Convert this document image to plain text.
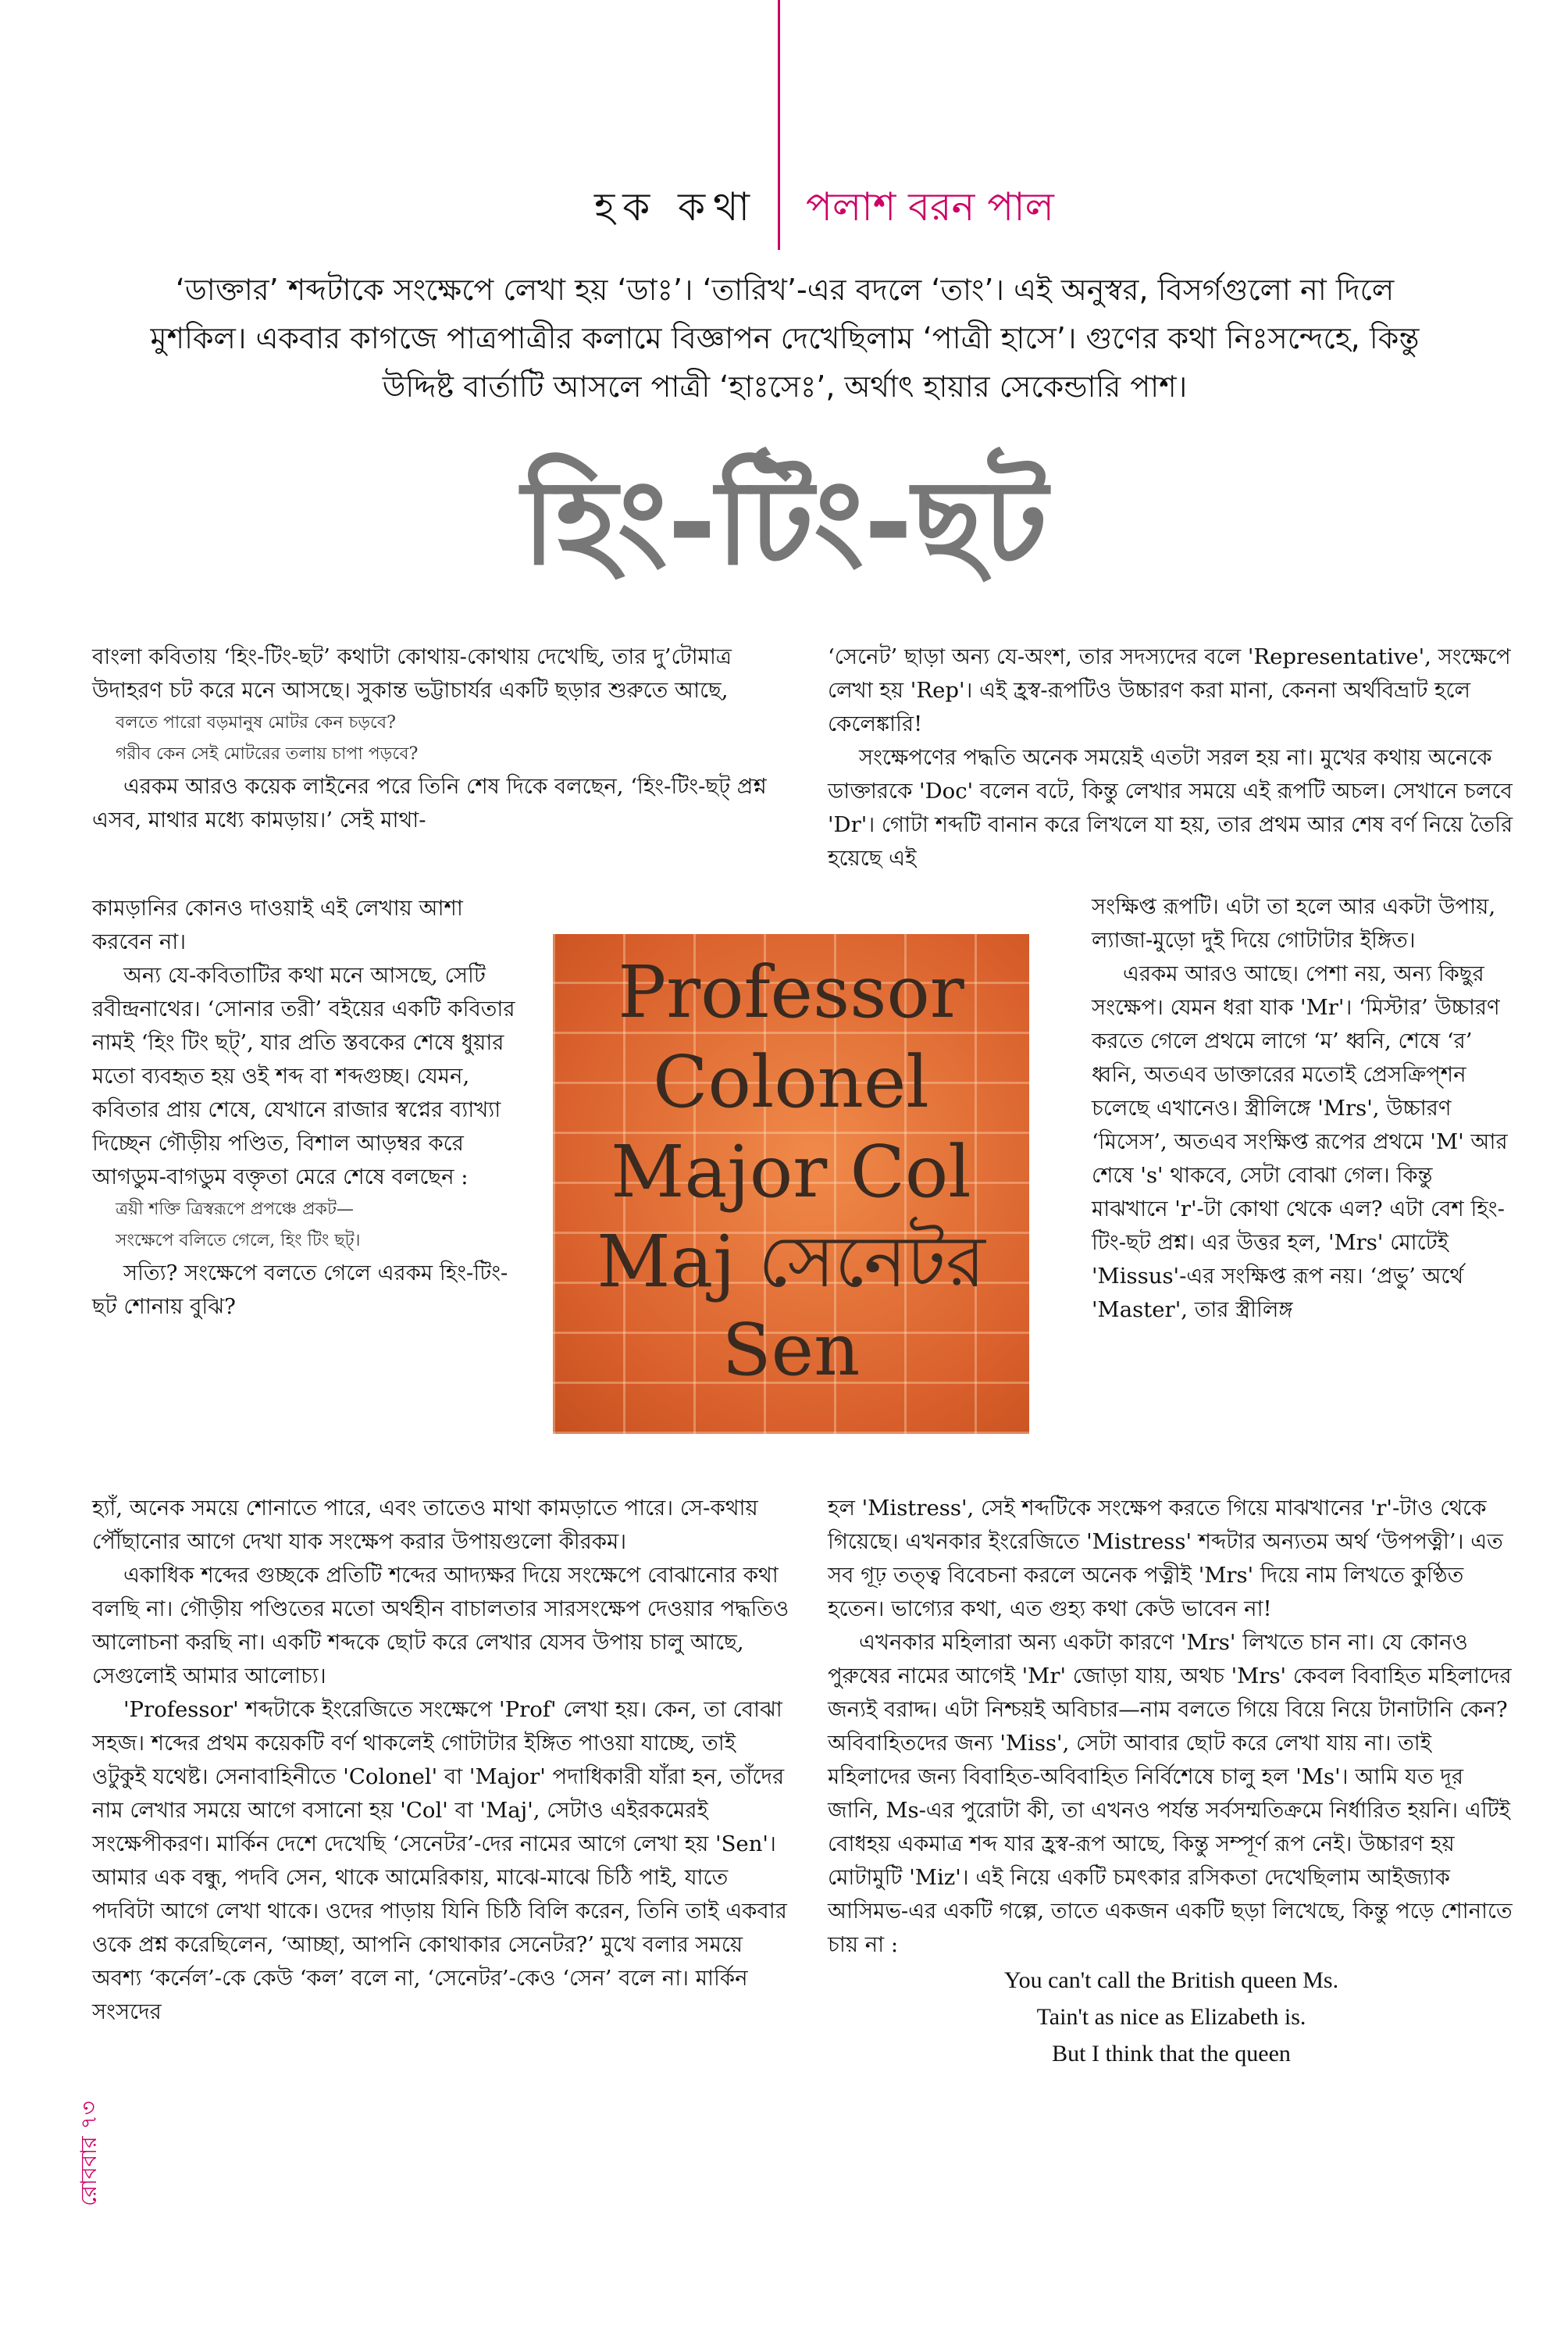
হক কথা পলাশ বরন পাল
‘ডাক্তার’ শব্দটাকে সংক্ষেপে লেখা হয় ‘ডাঃ’। ‘তারিখ’-এর বদলে ‘তাং’। এই অনুস্বর, বিসর্গগুলো না দিলে মুশকিল। একবার কাগজে পাত্রপাত্রীর কলামে বিজ্ঞাপন দেখেছিলাম ‘পাত্রী হাসে’। গুণের কথা নিঃসন্দেহে, কিন্তু উদ্দিষ্ট বার্তাটি আসলে পাত্রী ‘হাঃসেঃ’, অর্থাৎ হায়ার সেকেন্ডারি পাশ।
হিং-টিং-ছট

বাংলা কবিতায় ‘হিং-টিং-ছট’ কথাটা কোথায়-কোথায় দেখেছি, তার দু’টোমাত্র উদাহরণ চট করে মনে আসছে। সুকান্ত ভট্টাচার্যর একটি ছড়ার শুরুতে আছে,

বলতে পারো বড়মানুষ মোটর কেন চড়বে?

গরীব কেন সেই মোটরের তলায় চাপা পড়বে?

এরকম আরও কয়েক লাইনের পরে তিনি শেষ দিকে বলছেন, ‘হিং-টিং-ছট্ প্রশ্ন এসব, মাথার মধ্যে কামড়ায়।’ সেই মাথা-

কামড়ানির কোনও দাওয়াই এই লেখায় আশা করবেন না।

অন্য যে-কবিতাটির কথা মনে আসছে, সেটি রবীন্দ্রনাথের। ‘সোনার তরী’ বইয়ের একটি কবিতার নামই ‘হিং টিং ছট্’, যার প্রতি স্তবকের শেষে ধুয়ার মতো ব্যবহৃত হয় ওই শব্দ বা শব্দগুচ্ছ। যেমন, কবিতার প্রায় শেষে, যেখানে রাজার স্বপ্নের ব্যাখ্যা দিচ্ছেন গৌড়ীয় পণ্ডিত, বিশাল আড়ম্বর করে আগডুম-বাগডুম বক্তৃতা মেরে শেষে বলছেন :

ত্রয়ী শক্তি ত্রিস্বরূপে প্রপঞ্চে প্রকট—

সংক্ষেপে বলিতে গেলে, হিং টিং ছট্।

সত্যি? সংক্ষেপে বলতে গেলে এরকম হিং-টিং-ছট শোনায় বুঝি?

হ্যাঁ, অনেক সময়ে শোনাতে পারে, এবং তাতেও মাথা কামড়াতে পারে। সে-কথায় পৌঁছানোর আগে দেখা যাক সংক্ষেপ করার উপায়গুলো কীরকম।

একাধিক শব্দের গুচ্ছকে প্রতিটি শব্দের আদ্যক্ষর দিয়ে সংক্ষেপে বোঝানোর কথা বলছি না। গৌড়ীয় পণ্ডিতের মতো অর্থহীন বাচালতার সারসংক্ষেপ দেওয়ার পদ্ধতিও আলোচনা করছি না। একটি শব্দকে ছোট করে লেখার যেসব উপায় চালু আছে, সেগুলোই আমার আলোচ্য।

'Professor' শব্দটাকে ইংরেজিতে সংক্ষেপে 'Prof' লেখা হয়। কেন, তা বোঝা সহজ। শব্দের প্রথম কয়েকটি বর্ণ থাকলেই গোটাটার ইঙ্গিত পাওয়া যাচ্ছে, তাই ওটুকুই যথেষ্ট। সেনাবাহিনীতে 'Colonel' বা 'Major' পদাধিকারী যাঁরা হন, তাঁদের নাম লেখার সময়ে আগে বসানো হয় 'Col' বা 'Maj', সেটাও এইরকমেরই সংক্ষেপীকরণ। মার্কিন দেশে দেখেছি ‘সেনেটর’-দের নামের আগে লেখা হয় 'Sen'। আমার এক বন্ধু, পদবি সেন, থাকে আমেরিকায়, মাঝে-মাঝে চিঠি পাই, যাতে পদবিটা আগে লেখা থাকে। ওদের পাড়ায় যিনি চিঠি বিলি করেন, তিনি তাই একবার ওকে প্রশ্ন করেছিলেন, ‘আচ্ছা, আপনি কোথাকার সেনেটর?’ মুখে বলার সময়ে অবশ্য ‘কর্নেল’-কে কেউ ‘কল’ বলে না, ‘সেনেটর’-কেও ‘সেন’ বলে না। মার্কিন সংসদের

‘সেনেট’ ছাড়া অন্য যে-অংশ, তার সদস্যদের বলে 'Representative', সংক্ষেপে লেখা হয় 'Rep'। এই হ্রস্ব-রূপটিও উচ্চারণ করা মানা, কেননা অর্থবিভ্রাট হলে কেলেঙ্কারি!

সংক্ষেপণের পদ্ধতি অনেক সময়েই এতটা সরল হয় না। মুখের কথায় অনেকে ডাক্তারকে 'Doc' বলেন বটে, কিন্তু লেখার সময়ে এই রূপটি অচল। সেখানে চলবে 'Dr'। গোটা শব্দটি বানান করে লিখলে যা হয়, তার প্রথম আর শেষ বর্ণ নিয়ে তৈরি হয়েছে এই

সংক্ষিপ্ত রূপটি। এটা তা হলে আর একটা উপায়, ল্যাজা-মুড়ো দুই দিয়ে গোটাটার ইঙ্গিত।

এরকম আরও আছে। পেশা নয়, অন্য কিছুর সংক্ষেপ। যেমন ধরা যাক 'Mr'। ‘মিস্টার’ উচ্চারণ করতে গেলে প্রথমে লাগে ‘ম’ ধ্বনি, শেষে ‘র’ ধ্বনি, অতএব ডাক্তারের মতোই প্রেসক্রিপ্শন চলেছে এখানেও। স্ত্রীলিঙ্গে 'Mrs', উচ্চারণ ‘মিসেস’, অতএব সংক্ষিপ্ত রূপের প্রথমে 'M' আর শেষে 's' থাকবে, সেটা বোঝা গেল। কিন্তু মাঝখানে 'r'-টা কোথা থেকে এল? এটা বেশ হিং-টিং-ছট প্রশ্ন। এর উত্তর হল, 'Mrs' মোটেই 'Missus'-এর সংক্ষিপ্ত রূপ নয়। ‘প্রভু’ অর্থে 'Master', তার স্ত্রীলিঙ্গ

হল 'Mistress', সেই শব্দটিকে সংক্ষেপ করতে গিয়ে মাঝখানের 'r'-টাও থেকে গিয়েছে। এখনকার ইংরেজিতে 'Mistress' শব্দটার অন্যতম অর্থ ‘উপপত্নী’। এত সব গূঢ় তত্ত্ব বিবেচনা করলে অনেক পত্নীই 'Mrs' দিয়ে নাম লিখতে কুণ্ঠিত হতেন। ভাগ্যের কথা, এত গুহ্য কথা কেউ ভাবেন না!

এখনকার মহিলারা অন্য একটা কারণে 'Mrs' লিখতে চান না। যে কোনও পুরুষের নামের আগেই 'Mr' জোড়া যায়, অথচ 'Mrs' কেবল বিবাহিত মহিলাদের জন্যই বরাদ্দ। এটা নিশ্চয়ই অবিচার—নাম বলতে গিয়ে বিয়ে নিয়ে টানাটানি কেন? অবিবাহিতদের জন্য 'Miss', সেটা আবার ছোট করে লেখা যায় না। তাই মহিলাদের জন্য বিবাহিত-অবিবাহিত নির্বিশেষে চালু হল 'Ms'। আমি যত দূর জানি, Ms-এর পুরোটা কী, তা এখনও পর্যন্ত সর্বসম্মতিক্রমে নির্ধারিত হয়নি। এটিই বোধহয় একমাত্র শব্দ যার হ্রস্ব-রূপ আছে, কিন্তু সম্পূর্ণ রূপ নেই। উচ্চারণ হয় মোটামুটি 'Miz'। এই নিয়ে একটি চমৎকার রসিকতা দেখেছিলাম আইজ্যাক আসিমভ-এর একটি গল্পে, তাতে একজন একটি ছড়া লিখেছে, কিন্তু পড়ে শোনাতে চায় না :

You can't call the British queen Ms.

Tain't as nice as Elizabeth is.

But I think that the queen

Professor
Colonel
Major Col
Maj সেনেটর
Sen
রোববার ৭৩
